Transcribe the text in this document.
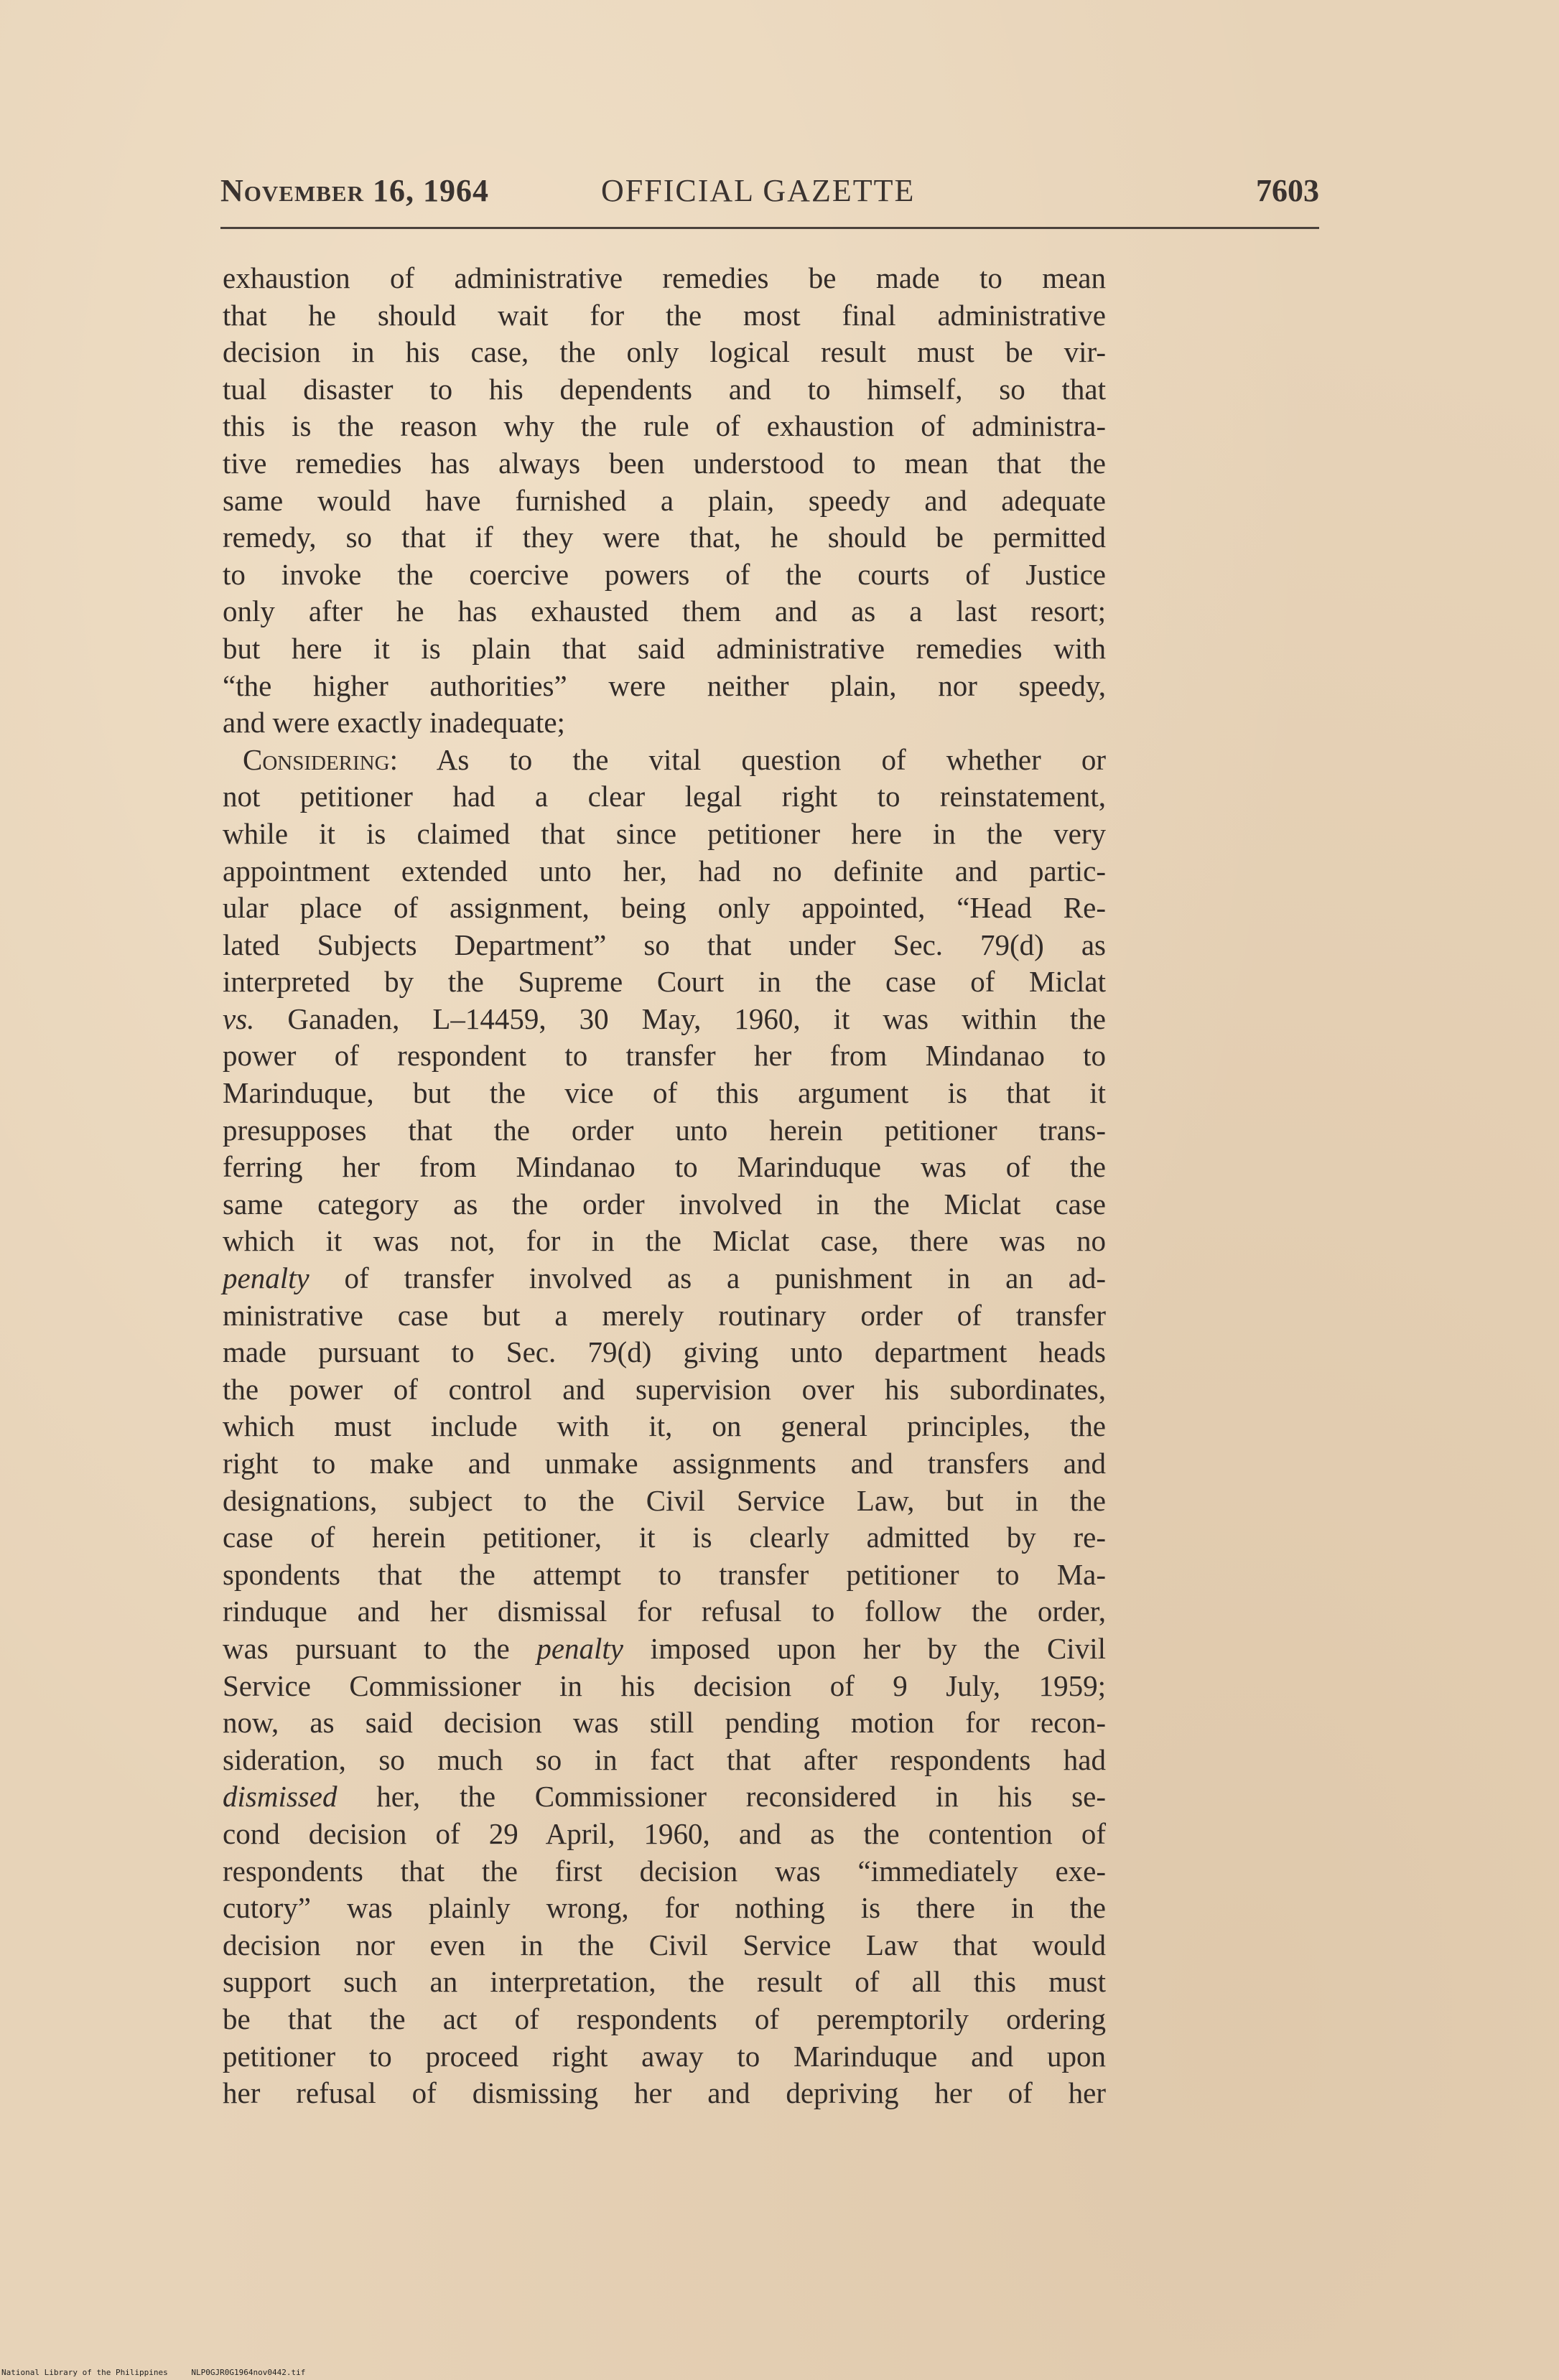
November 16, 1964	OFFICIAL GAZETTE	7603
exhaustion of administrative remedies be made to mean
that he should wait for the most final administrative
decision in his case, the only logical result must be vir-
tual disaster to his dependents and to himself, so that
this is the reason why the rule of exhaustion of administra-
tive remedies has always been understood to mean that the
same would have furnished a plain, speedy and adequate
remedy, so that if they were that, he should be permitted
to invoke the coercive powers of the courts of Justice
only after he has exhausted them and as a last resort;
but here it is plain that said administrative remedies with
“the higher authorities” were neither plain, nor speedy,
and were exactly inadequate;
Considering: As to the vital question of whether or
not petitioner had a clear legal right to reinstatement,
while it is claimed that since petitioner here in the very
appointment extended unto her, had no definite and partic-
ular place of assignment, being only appointed, “Head Re-
lated Subjects Department” so that under Sec. 79(d) as
interpreted by the Supreme Court in the case of Miclat
vs. Ganaden, L–14459, 30 May, 1960, it was within the
power of respondent to transfer her from Mindanao to
Marinduque, but the vice of this argument is that it
presupposes that the order unto herein petitioner trans-
ferring her from Mindanao to Marinduque was of the
same category as the order involved in the Miclat case
which it was not, for in the Miclat case, there was no
penalty of transfer involved as a punishment in an ad-
ministrative case but a merely routinary order of transfer
made pursuant to Sec. 79(d) giving unto department heads
the power of control and supervision over his subordinates,
which must include with it, on general principles, the
right to make and unmake assignments and transfers and
designations, subject to the Civil Service Law, but in the
case of herein petitioner, it is clearly admitted by re-
spondents that the attempt to transfer petitioner to Ma-
rinduque and her dismissal for refusal to follow the order,
was pursuant to the penalty imposed upon her by the Civil
Service Commissioner in his decision of 9 July, 1959;
now, as said decision was still pending motion for recon-
sideration, so much so in fact that after respondents had
dismissed her, the Commissioner reconsidered in his se-
cond decision of 29 April, 1960, and as the contention of
respondents that the first decision was “immediately exe-
cutory” was plainly wrong, for nothing is there in the
decision nor even in the Civil Service Law that would
support such an interpretation, the result of all this must
be that the act of respondents of peremptorily ordering
petitioner to proceed right away to Marinduque and upon
her refusal of dismissing her and depriving her of her
National Library of the Philippines	NLP0GJR0G1964nov0442.tif
